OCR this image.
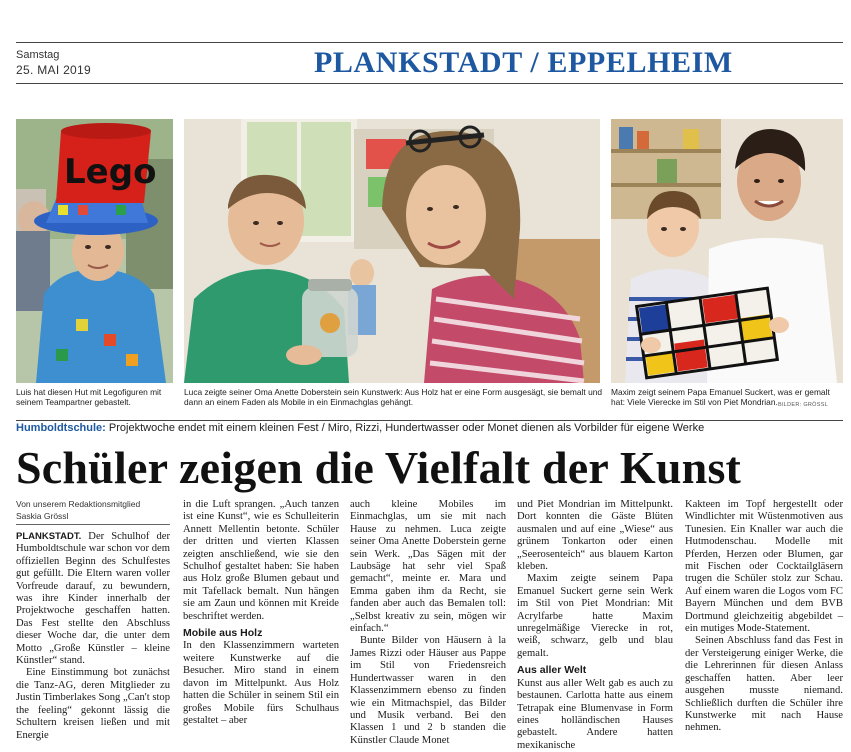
Samstag
25. MAI 2019	PLANKSTADT / EPPELHEIM
Lego
Luis hat diesen Hut mit Legofiguren mit seinem Teampartner gebastelt.
Luca zeigte seiner Oma Anette Doberstein sein Kunstwerk: Aus Holz hat er eine Form ausgesägt, sie bemalt und dann an einem Faden als Mobile in ein Einmachglas gehängt.
Maxim zeigt seinem Papa Emanuel Suckert, was er gemalt hat: Viele Vierecke im Stil von Piet Mondrian. BILDER: GRÖSSL
Humboldtschule: Projektwoche endet mit einem kleinen Fest / Miro, Rizzi, Hundertwasser oder Monet dienen als Vorbilder für eigene Werke
Schüler zeigen die Vielfalt der Kunst
Von unserem Redaktionsmitglied
Saskia Grössl

PLANKSTADT. Der Schulhof der Humboldtschule war schon vor dem offiziellen Beginn des Schulfestes gut gefüllt. Die Eltern waren voller Vorfreude darauf, zu bewundern, was ihre Kinder innerhalb der Projektwoche geschaffen hatten. Das Fest stellte den Abschluss dieser Woche dar, die unter dem Motto „Große Künstler – kleine Künstler“ stand.

Eine Einstimmung bot zunächst die Tanz-AG, deren Mitglieder zu Justin Timberlakes Song „Can't stop the feeling“ gekonnt lässig die Schultern kreisen ließen und mit Energie

in die Luft sprangen. „Auch tanzen ist eine Kunst“, wie es Schulleiterin Annett Mellentin betonte. Schüler der dritten und vierten Klassen zeigten anschließend, wie sie den Schulhof gestaltet haben: Sie haben aus Holz große Blumen gebaut und mit Tafellack bemalt. Nun hängen sie am Zaun und können mit Kreide beschriftet werden.

Mobile aus Holz

In den Klassenzimmern warteten weitere Kunstwerke auf die Besucher. Miro stand in einem davon im Mittelpunkt. Aus Holz hatten die Schüler in seinem Stil ein großes Mobile fürs Schulhaus gestaltet – aber

auch kleine Mobiles im Einmachglas, um sie mit nach Hause zu nehmen. Luca zeigte seiner Oma Anette Doberstein gerne sein Werk. „Das Sägen mit der Laubsäge hat sehr viel Spaß gemacht“, meinte er. Mara und Emma gaben ihm da Recht, sie fanden aber auch das Bemalen toll: „Selbst kreativ zu sein, mögen wir einfach.“

Bunte Bilder von Häusern à la James Rizzi oder Häuser aus Pappe im Stil von Friedensreich Hundertwasser waren in den Klassenzimmern ebenso zu finden wie ein Mitmachspiel, das Bilder und Musik verband. Bei den Klassen 1 und 2 b standen die Künstler Claude Monet

und Piet Mondrian im Mittelpunkt. Dort konnten die Gäste Blüten ausmalen und auf eine „Wiese“ aus grünem Tonkarton oder einen „Seerosenteich“ aus blauem Karton kleben.

Maxim zeigte seinem Papa Emanuel Suckert gerne sein Werk im Stil von Piet Mondrian: Mit Acrylfarbe hatte Maxim unregelmäßige Vierecke in rot, weiß, schwarz, gelb und blau gemalt.

Aus aller Welt

Kunst aus aller Welt gab es auch zu bestaunen. Carlotta hatte aus einem Tetrapak eine Blumenvase in Form eines holländischen Hauses gebastelt. Andere hatten mexikanische

Kakteen im Topf hergestellt oder Windlichter mit Wüstenmotiven aus Tunesien. Ein Knaller war auch die Hutmodenschau. Modelle mit Pferden, Herzen oder Blumen, gar mit Fischen oder Cocktailgläsern trugen die Schüler stolz zur Schau. Auf einem waren die Logos vom FC Bayern München und dem BVB Dortmund gleichzeitig abgebildet – ein mutiges Mode-Statement.

Seinen Abschluss fand das Fest in der Versteigerung einiger Werke, die die Lehrerinnen für diesen Anlass geschaffen hatten. Aber leer ausgehen musste niemand. Schließlich durften die Schüler ihre Kunstwerke mit nach Hause nehmen.
